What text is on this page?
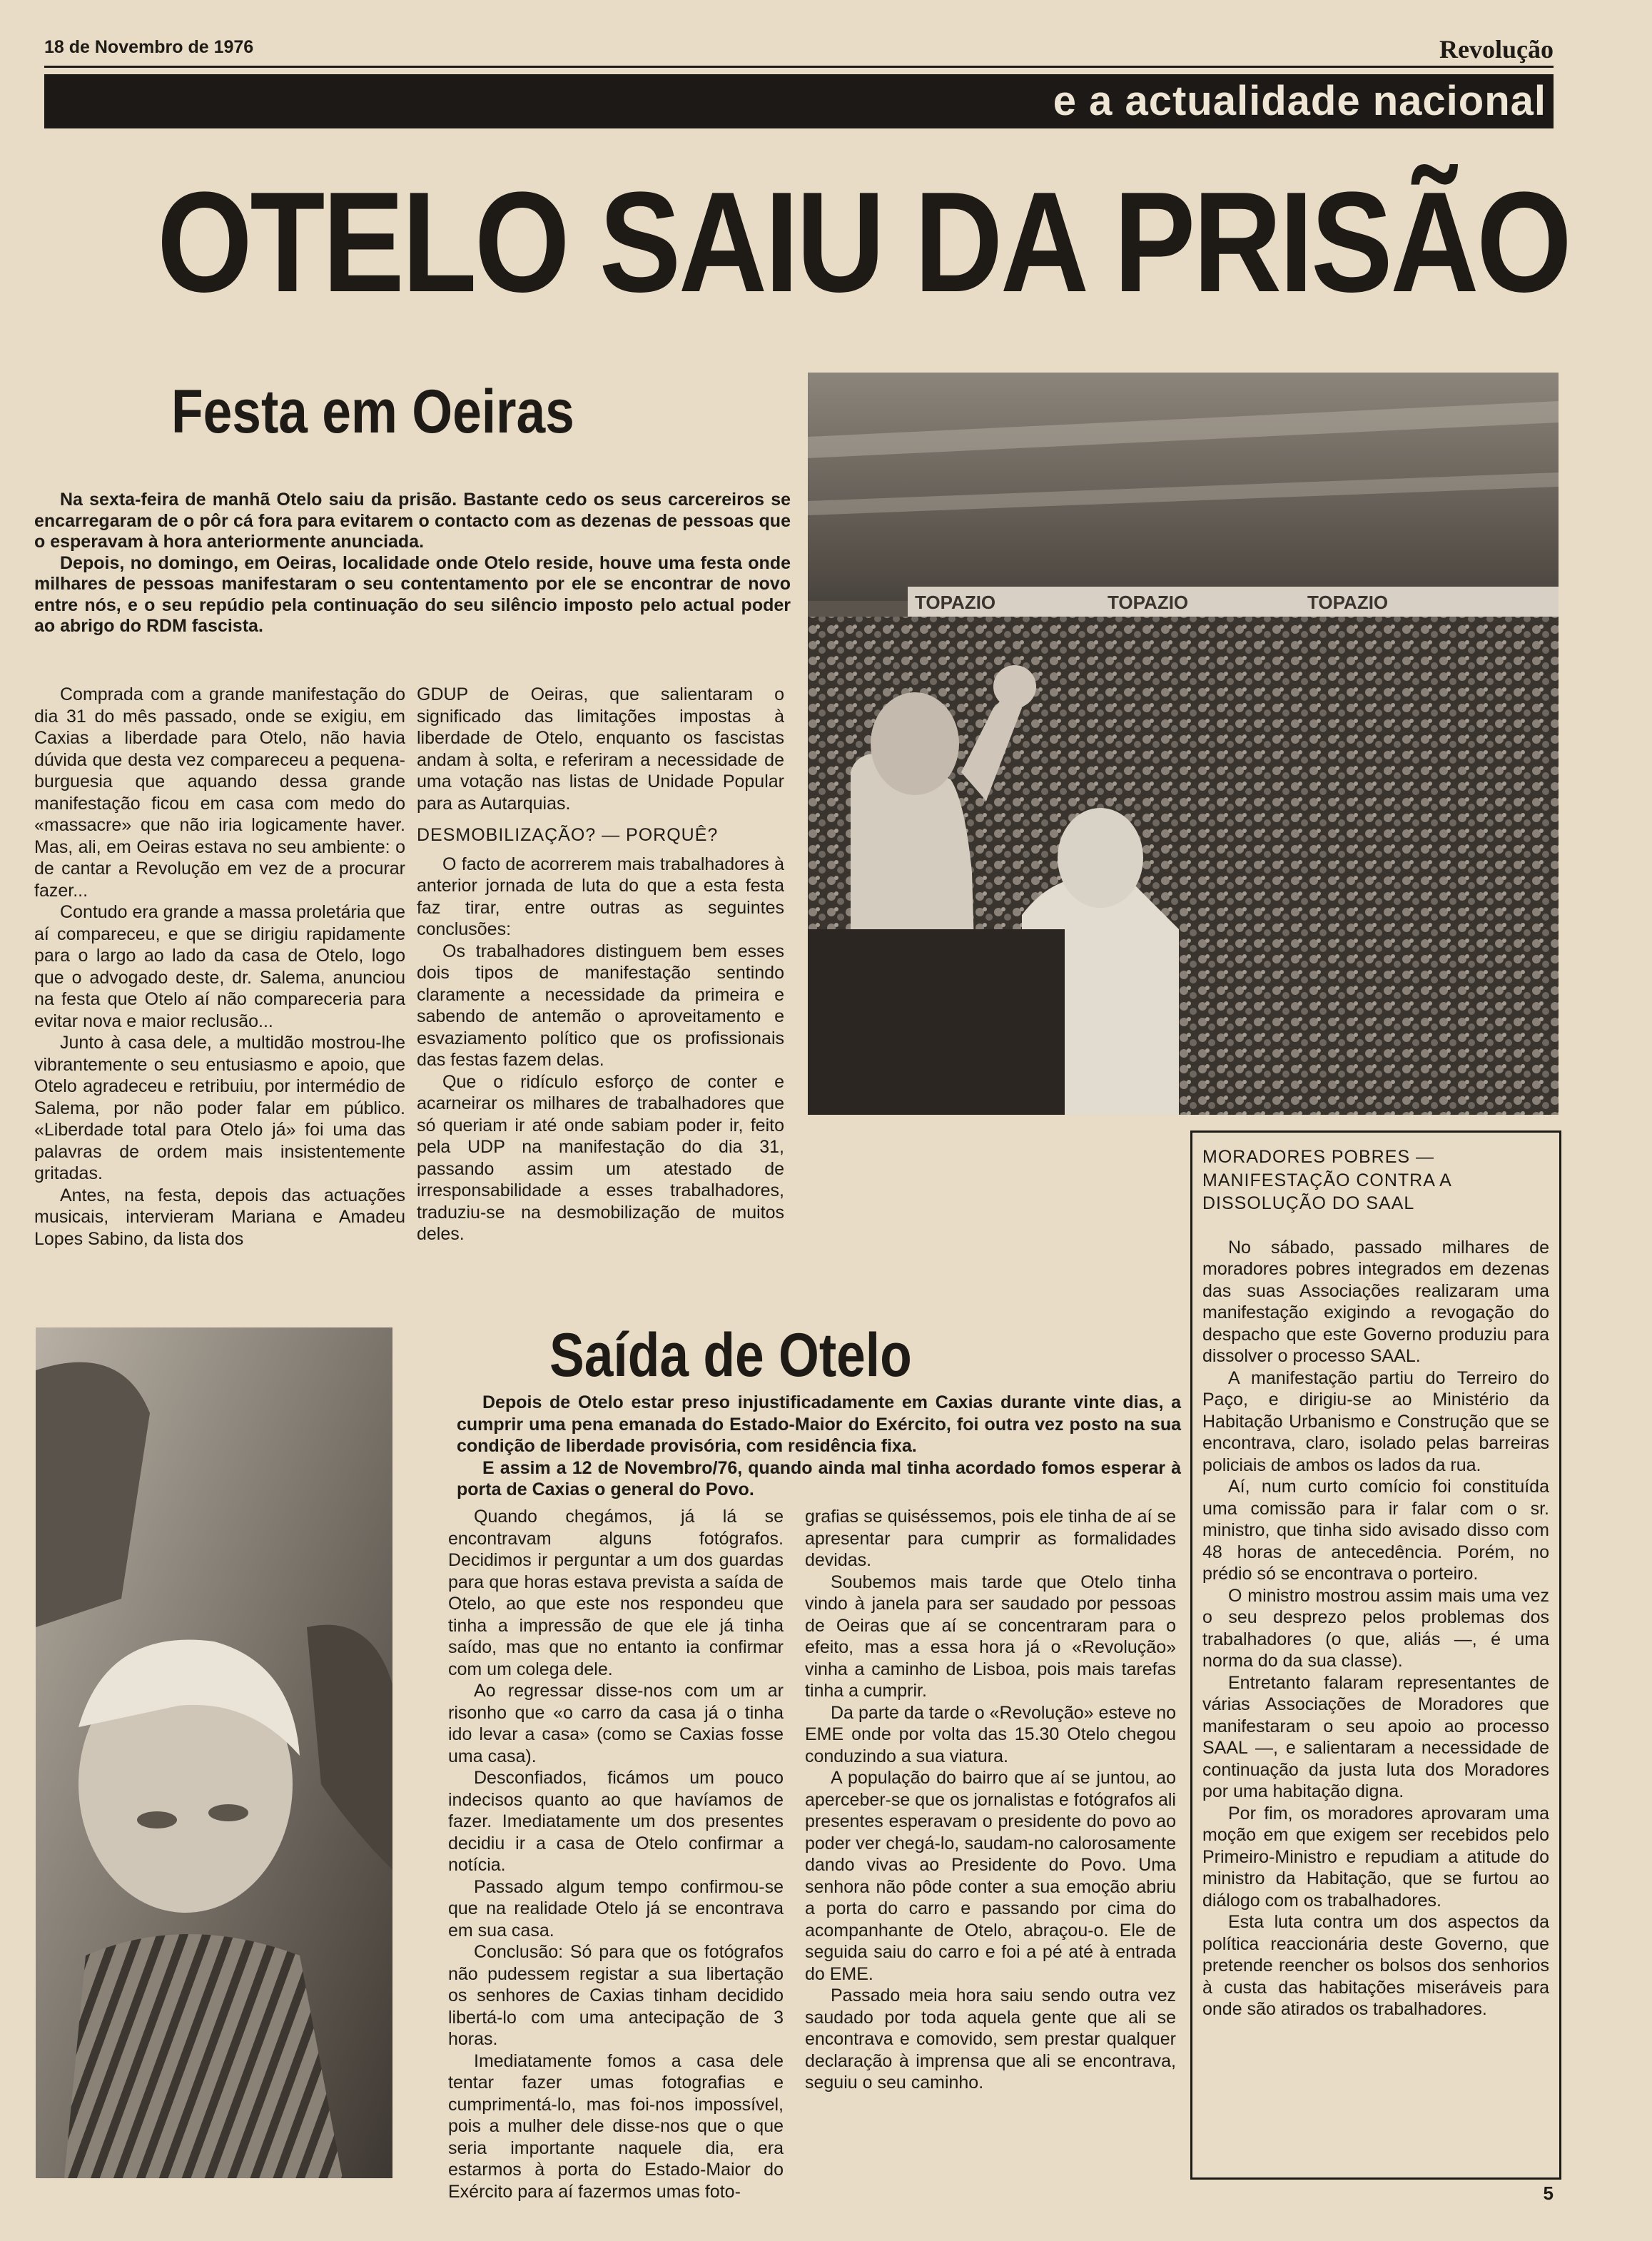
18 de Novembro de 1976	Revolução
e a actualidade nacional
OTELO SAIU DA PRISÃO
Festa em Oeiras

Na sexta-feira de manhã Otelo saiu da prisão. Bastante cedo os seus carcereiros se encarregaram de o pôr cá fora para evitarem o contacto com as dezenas de pessoas que o esperavam à hora anteriormente anunciada.

Depois, no domingo, em Oeiras, localidade onde Otelo reside, houve uma festa onde milhares de pessoas manifestaram o seu contentamento por ele se encontrar de novo entre nós, e o seu repúdio pela continuação do seu silêncio imposto pelo actual poder ao abrigo do RDM fascista.

Comprada com a grande manifestação do dia 31 do mês passado, onde se exigiu, em Caxias a liberdade para Otelo, não havia dúvida que desta vez compareceu a pequena-burguesia que aquando dessa grande manifestação ficou em casa com medo do «massacre» que não iria logicamente haver. Mas, ali, em Oeiras estava no seu ambiente: o de cantar a Revolução em vez de a procurar fazer...

Contudo era grande a massa proletária que aí compareceu, e que se dirigiu rapidamente para o largo ao lado da casa de Otelo, logo que o advogado deste, dr. Salema, anunciou na festa que Otelo aí não compareceria para evitar nova e maior reclusão...

Junto à casa dele, a multidão mostrou-lhe vibrantemente o seu entusiasmo e apoio, que Otelo agradeceu e retribuiu, por intermédio de Salema, por não poder falar em público. «Liberdade total para Otelo já» foi uma das palavras de ordem mais insistentemente gritadas.

Antes, na festa, depois das actuações musicais, intervieram Mariana e Amadeu Lopes Sabino, da lista dos

GDUP de Oeiras, que salientaram o significado das limitações impostas à liberdade de Otelo, enquanto os fascistas andam à solta, e referiram a necessidade de uma votação nas listas de Unidade Popular para as Autarquias.

DESMOBILIZAÇÃO? — PORQUÊ?

O facto de acorrerem mais trabalhadores à anterior jornada de luta do que a esta festa faz tirar, entre outras as seguintes conclusões:

Os trabalhadores distinguem bem esses dois tipos de manifestação sentindo claramente a necessidade da primeira e sabendo de antemão o aproveitamento e esvaziamento político que os profissionais das festas fazem delas.

Que o ridículo esforço de conter e acarneirar os milhares de trabalhadores que só queriam ir até onde sabiam poder ir, feito pela UDP na manifestação do dia 31, passando assim um atestado de irresponsabilidade a esses trabalhadores, traduziu-se na desmobilização de muitos deles.

TOPAZIO	TOPAZIO	TOPAZIO
Saída de Otelo

Depois de Otelo estar preso injustificadamente em Caxias durante vinte dias, a cumprir uma pena emanada do Estado-Maior do Exército, foi outra vez posto na sua condição de liberdade provisória, com residência fixa.

E assim a 12 de Novembro/76, quando ainda mal tinha acordado fomos esperar à porta de Caxias o general do Povo.

Quando chegámos, já lá se encontravam alguns fotógrafos. Decidimos ir perguntar a um dos guardas para que horas estava prevista a saída de Otelo, ao que este nos respondeu que tinha a impressão de que ele já tinha saído, mas que no entanto ia confirmar com um colega dele.

Ao regressar disse-nos com um ar risonho que «o carro da casa já o tinha ido levar a casa» (como se Caxias fosse uma casa).

Desconfiados, ficámos um pouco indecisos quanto ao que havíamos de fazer. Imediatamente um dos presentes decidiu ir a casa de Otelo confirmar a notícia.

Passado algum tempo confirmou-se que na realidade Otelo já se encontrava em sua casa.

Conclusão: Só para que os fotógrafos não pudessem registar a sua libertação os senhores de Caxias tinham decidido libertá-lo com uma antecipação de 3 horas.

Imediatamente fomos a casa dele tentar fazer umas fotografias e cumprimentá-lo, mas foi-nos impossível, pois a mulher dele disse-nos que o que seria importante naquele dia, era estarmos à porta do Estado-Maior do Exército para aí fazermos umas foto-

grafias se quiséssemos, pois ele tinha de aí se apresentar para cumprir as formalidades devidas.

Soubemos mais tarde que Otelo tinha vindo à janela para ser saudado por pessoas de Oeiras que aí se concentraram para o efeito, mas a essa hora já o «Revolução» vinha a caminho de Lisboa, pois mais tarefas tinha a cumprir.

Da parte da tarde o «Revolução» esteve no EME onde por volta das 15.30 Otelo chegou conduzindo a sua viatura.

A população do bairro que aí se juntou, ao aperceber-se que os jornalistas e fotógrafos ali presentes esperavam o presidente do povo ao poder ver chegá-lo, saudam-no calorosamente dando vivas ao Presidente do Povo. Uma senhora não pôde conter a sua emoção abriu a porta do carro e passando por cima do acompanhante de Otelo, abraçou-o. Ele de seguida saiu do carro e foi a pé até à entrada do EME.

Passado meia hora saiu sendo outra vez saudado por toda aquela gente que ali se encontrava e comovido, sem prestar qualquer declaração à imprensa que ali se encontrava, seguiu o seu caminho.

MORADORES POBRES — MANIFESTAÇÃO CONTRA A DISSOLUÇÃO DO SAAL

No sábado, passado milhares de moradores pobres integrados em dezenas das suas Associações realizaram uma manifestação exigindo a revogação do despacho que este Governo produziu para dissolver o processo SAAL.

A manifestação partiu do Terreiro do Paço, e dirigiu-se ao Ministério da Habitação Urbanismo e Construção que se encontrava, claro, isolado pelas barreiras policiais de ambos os lados da rua.

Aí, num curto comício foi constituída uma comissão para ir falar com o sr. ministro, que tinha sido avisado disso com 48 horas de antecedência. Porém, no prédio só se encontrava o porteiro.

O ministro mostrou assim mais uma vez o seu desprezo pelos problemas dos trabalhadores (o que, aliás —, é uma norma do da sua classe).

Entretanto falaram representantes de várias Associações de Moradores que manifestaram o seu apoio ao processo SAAL —, e salientaram a necessidade de continuação da justa luta dos Moradores por uma habitação digna.

Por fim, os moradores aprovaram uma moção em que exigem ser recebidos pelo Primeiro-Ministro e repudiam a atitude do ministro da Habitação, que se furtou ao diálogo com os trabalhadores.

Esta luta contra um dos aspectos da política reaccionária deste Governo, que pretende reencher os bolsos dos senhorios à custa das habitações miseráveis para onde são atirados os trabalhadores.

5
